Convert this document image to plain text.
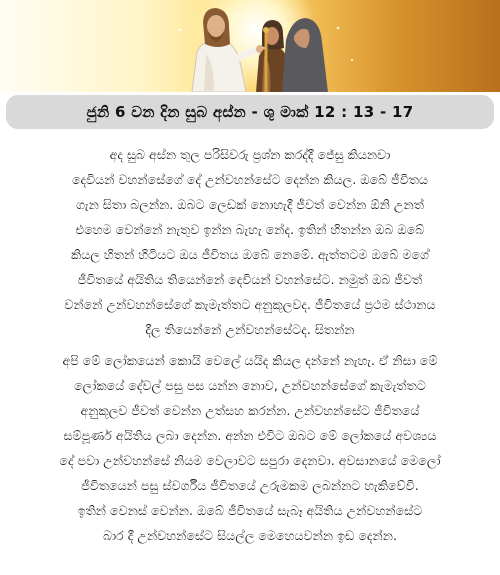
ජුනි 6 වන දින සුබ අස්න - ශු මාක් 12 : 13 - 17

අද සුබ අස්න තුල පරිසිවරු ප්‍රශ්න කරද්දී ජේසු කියනවා

දෙවියන් වහන්සේගේ දේ උන්වහන්සේට දෙන්න කියල. ඔබේ ජීවිතය

ගැන සිතා බලන්න. ඔබට ලෙඩක් නොහැදී ජීවත් වෙන්න ඕනි උනත්

එහෙම වෙන්නේ නැතුව ඉන්න බැහැ නේද. ඉතින් හිතන්න ඔබ ඔබේ

කියල හිතන් හිටියට ඔය ජීවිතය ඔබේ නෙමේ. ඇත්තටම ඔබේ මගේ

ජීවිතයේ අයිතිය තියෙන්නේ දෙවියන් වහන්සේට. නමුත් ඔබ ජීවත්

වන්නේ උන්වහන්සේගේ කැමැත්තට අනුකූලවද. ජීවිතයේ ප්‍රථම ස්ථානය

දීල තියෙන්නේ උන්වහන්සේටද. සිතන්න

අපි මේ ලෝකයෙන් කොයි වෙලේ යයිද කියල දන්නේ නැහැ. ඒ නිසා මේ

ලෝකයේ දේවල් පසු පස යන්න නොව, උන්වහන්සේගේ කැමැත්තට

අනුකූලව ජීවත් වෙන්න උත්සහ කරන්න. උන්වහන්සේට ජීවිතයේ

සම්පූර්ණ අයිතිය ලබා දෙන්න. අන්න එවිට ඔබට මේ ලෝකයේ අවශ්‍යය

දේ පවා උන්වහන්සේ නියම වෙලාවට සපුරා දෙනවා. අවසානයේ මෙලෝ

ජීවිතයෙන් පසු ස්වර්ගීය ජීවිතයේ උරුමකම ලබන්නට හැකිවේවි.

ඉතින් වෙනස් වෙන්න. ඔබේ ජීවිතයේ සැබෑ අයිතිය උන්වහන්සේට

බාර දී උන්වහන්සේට සියල්ල මෙහෙයවන්න ඉඩ දෙන්න.
